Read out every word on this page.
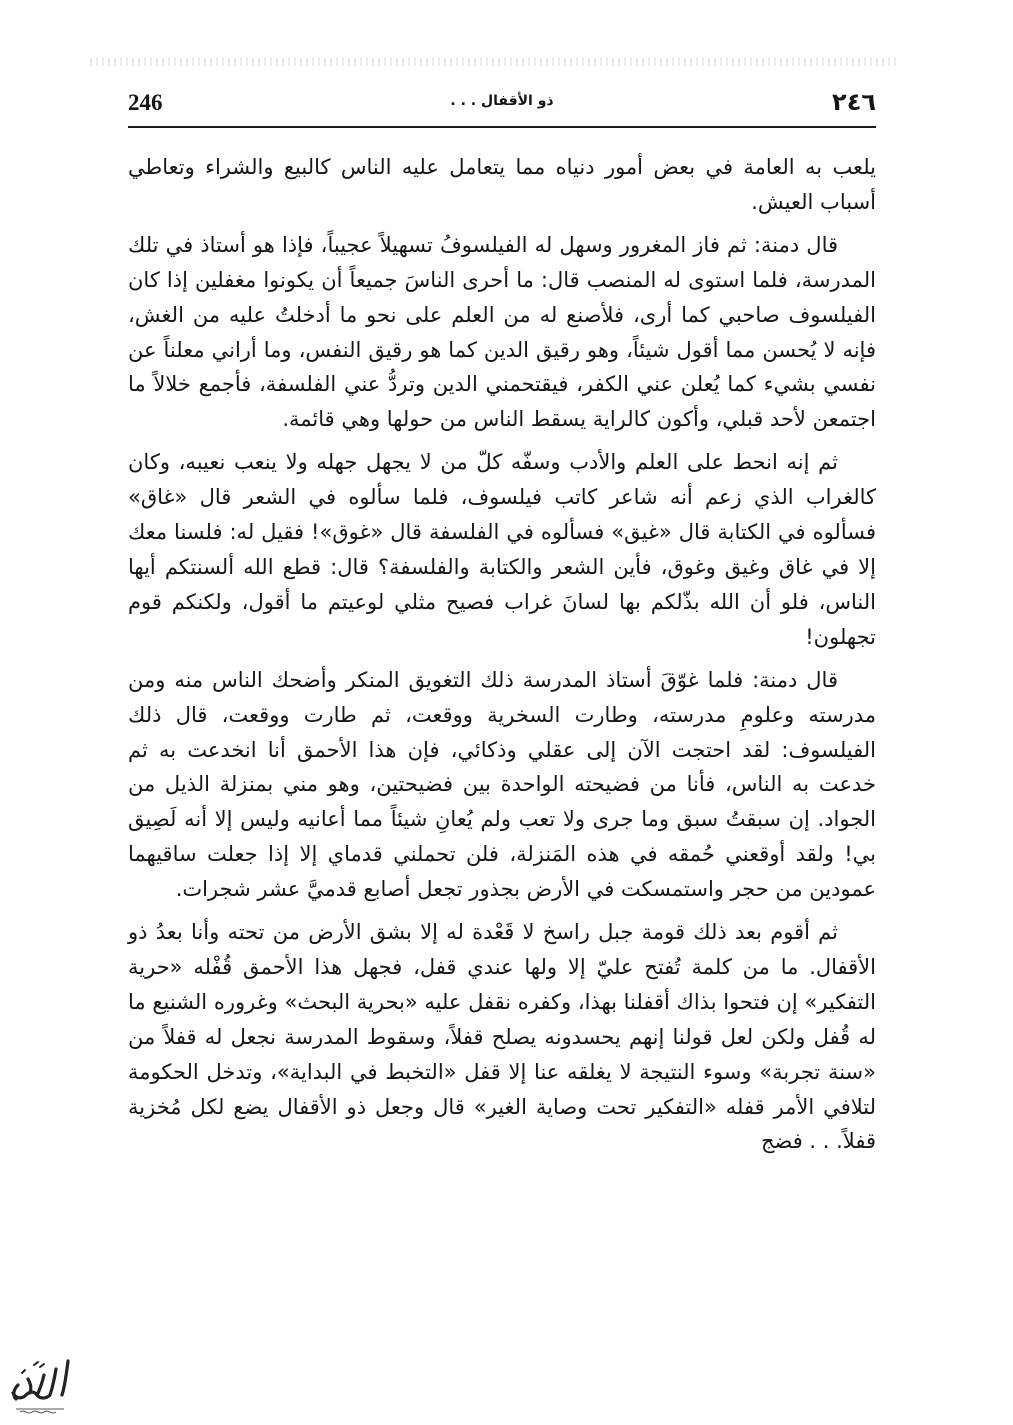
246	ذو الأقفال . . .	٢٤٦

يلعب به العامة في بعض أمور دنياه مما يتعامل عليه الناس كالبيع والشراء وتعاطي أسباب العيش.

قال دمنة: ثم فاز المغرور وسهل له الفيلسوفُ تسهيلاً عجيباً، فإذا هو أستاذ في تلك المدرسة، فلما استوى له المنصب قال: ما أحرى الناسَ جميعاً أن يكونوا مغفلين إذا كان الفيلسوف صاحبي كما أرى، فلأصنع له من العلم على نحو ما أدخلتُ عليه من الغش، فإنه لا يُحسن مما أقول شيئاً، وهو رقيق الدين كما هو رقيق النفس، وما أراني معلناً عن نفسي بشيء كما يُعلن عني الكفر، فيقتحمني الدين وتردُّ عني الفلسفة، فأجمع خلالاً ما اجتمعن لأحد قبلي، وأكون كالراية يسقط الناس من حولها وهي قائمة.

ثم إنه انحط على العلم والأدب وسفّه كلّ من لا يجهل جهله ولا ينعب نعيبه، وكان كالغراب الذي زعم أنه شاعر كاتب فيلسوف، فلما سألوه في الشعر قال «غاق» فسألوه في الكتابة قال «غيق» فسألوه في الفلسفة قال «غوق»! فقيل له: فلسنا معك إلا في غاق وغيق وغوق، فأين الشعر والكتابة والفلسفة؟ قال: قطع الله ألسنتكم أيها الناس، فلو أن الله بذّلكم بها لسانَ غراب فصيح مثلي لوعيتم ما أقول، ولكنكم قوم تجهلون!

قال دمنة: فلما غوّقَ أستاذ المدرسة ذلك التغويق المنكر وأضحك الناس منه ومن مدرسته وعلومِ مدرسته، وطارت السخرية ووقعت، ثم طارت ووقعت، قال ذلك الفيلسوف: لقد احتجت الآن إلى عقلي وذكائي، فإن هذا الأحمق أنا انخدعت به ثم خدعت به الناس، فأنا من فضيحته الواحدة بين فضيحتين، وهو مني بمنزلة الذيل من الجواد. إن سبقتُ سبق وما جرى ولا تعب ولم يُعانِ شيئاً مما أعانيه وليس إلا أنه لَصِيق بي! ولقد أوقعني حُمقه في هذه المَنزلة، فلن تحملني قدماي إلا إذا جعلت ساقيهما عمودين من حجر واستمسكت في الأرض بجذور تجعل أصابع قدميَّ عشر شجرات.

ثم أقوم بعد ذلك قومة جبل راسخ لا قَعْدة له إلا بشق الأرض من تحته وأنا بعدُ ذو الأقفال. ما من كلمة تُفتح عليّ إلا ولها عندي قفل، فجهل هذا الأحمق قُفْله «حرية التفكير» إن فتحوا بذاك أقفلنا بهذا، وكفره نقفل عليه «بحرية البحث» وغروره الشنيع ما له قُفل ولكن لعل قولنا إنهم يحسدونه يصلح قفلاً، وسقوط المدرسة نجعل له قفلاً من «سنة تجربة» وسوء النتيجة لا يغلقه عنا إلا قفل «التخبط في البداية»، وتدخل الحكومة لتلافي الأمر قفله «التفكير تحت وصاية الغير» قال وجعل ذو الأقفال يضع لكل مُخزية قفلاً. . . فضج
